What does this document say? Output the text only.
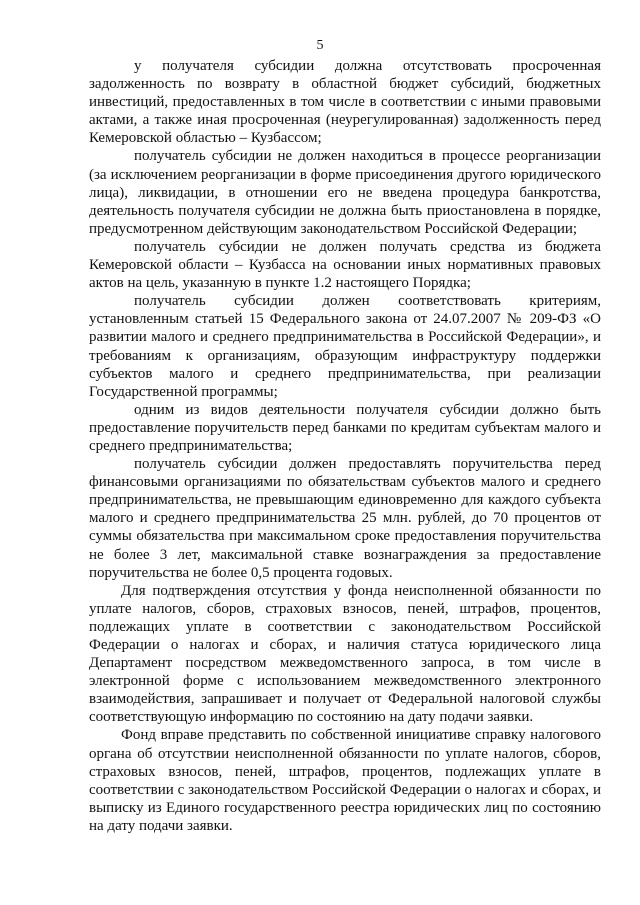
5

у получателя субсидии должна отсутствовать просроченная задолженность по возврату в областной бюджет субсидий, бюджетных инвестиций, предоставленных в том числе в соответствии с иными правовыми актами, а также иная просроченная (неурегулированная) задолженность перед Кемеровской областью – Кузбассом;

получатель субсидии не должен находиться в процессе реорганизации (за исключением реорганизации в форме присоединения другого юридического лица), ликвидации, в отношении его не введена процедура банкротства, деятельность получателя субсидии не должна быть приостановлена в порядке, предусмотренном действующим законодательством Российской Федерации;

получатель субсидии не должен получать средства из бюджета Кемеровской области – Кузбасса на основании иных нормативных правовых актов на цель, указанную в пункте 1.2 настоящего Порядка;

получатель субсидии должен соответствовать критериям, установленным статьей 15 Федерального закона от 24.07.2007 № 209-ФЗ «О развитии малого и среднего предпринимательства в Российской Федерации», и требованиям к организациям, образующим инфраструктуру поддержки субъектов малого и среднего предпринимательства, при реализации Государственной программы;

одним из видов деятельности получателя субсидии должно быть предоставление поручительств перед банками по кредитам субъектам малого и среднего предпринимательства;

получатель субсидии должен предоставлять поручительства перед финансовыми организациями по обязательствам субъектов малого и среднего предпринимательства, не превышающим единовременно для каждого субъекта малого и среднего предпринимательства 25 млн. рублей, до 70 процентов от суммы обязательства при максимальном сроке предоставления поручительства не более 3 лет, максимальной ставке вознаграждения за предоставление поручительства не более 0,5 процента годовых.

Для подтверждения отсутствия у фонда неисполненной обязанности по уплате налогов, сборов, страховых взносов, пеней, штрафов, процентов, подлежащих уплате в соответствии с законодательством Российской Федерации о налогах и сборах, и наличия статуса юридического лица Департамент посредством межведомственного запроса, в том числе в электронной форме с использованием межведомственного электронного взаимодействия, запрашивает и получает от Федеральной налоговой службы соответствующую информацию по состоянию на дату подачи заявки.

Фонд вправе представить по собственной инициативе справку налогового органа об отсутствии неисполненной обязанности по уплате налогов, сборов, страховых взносов, пеней, штрафов, процентов, подлежащих уплате в соответствии с законодательством Российской Федерации о налогах и сборах, и выписку из Единого государственного реестра юридических лиц по состоянию на дату подачи заявки.
